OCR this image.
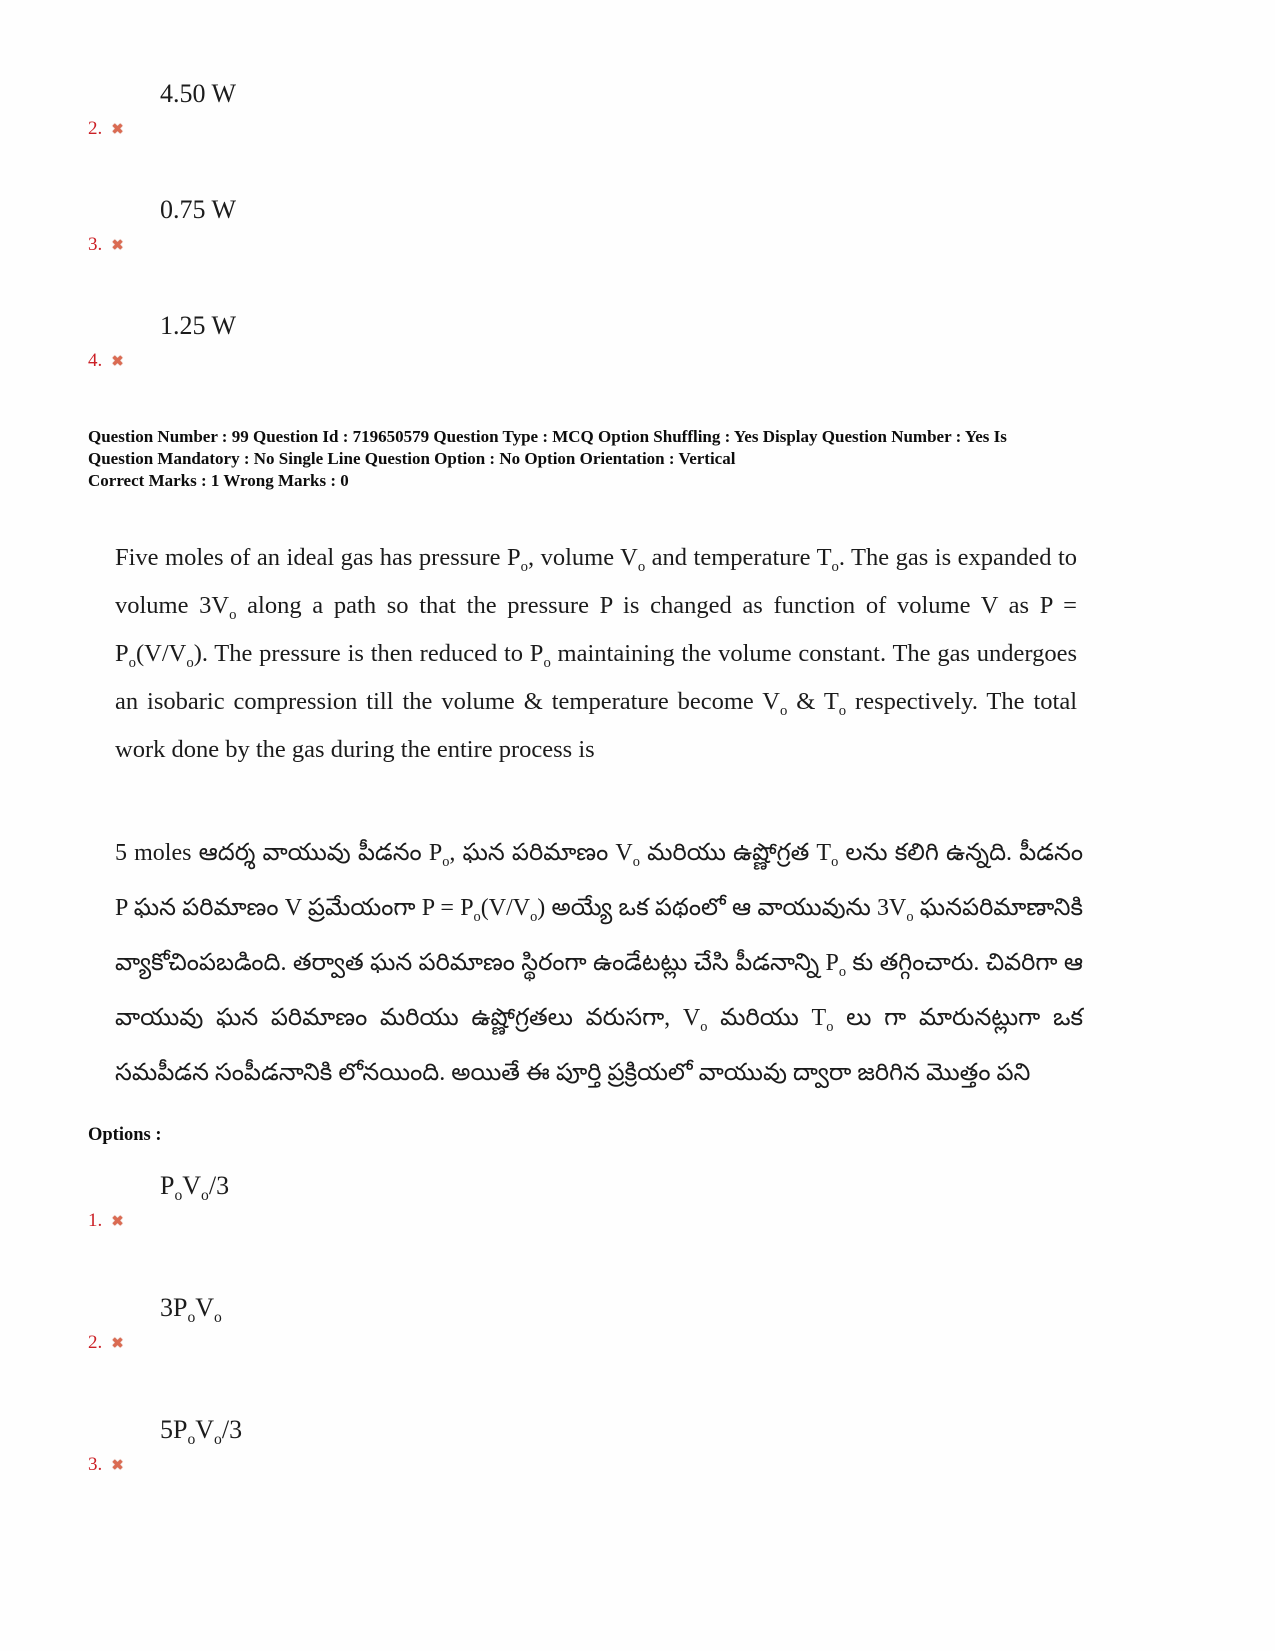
4.50 W
2. ✖
0.75 W
3. ✖
1.25 W
4. ✖
Question Number : 99 Question Id : 719650579 Question Type : MCQ Option Shuffling : Yes Display Question Number : Yes Is
Question Mandatory : No Single Line Question Option : No Option Orientation : Vertical
Correct Marks : 1 Wrong Marks : 0

Five moles of an ideal gas has pressure $P_o$, volume $V_o$ and temperature $T_o$. The gas is expanded to volume $3V_o$ along a path so that the pressure P is changed as function of volume V as $P = P_o(V/V_o)$. The pressure is then reduced to $P_o$ maintaining the volume constant. The gas undergoes an isobaric compression till the volume & temperature become $V_o$ & $T_o$ respectively. The total work done by the gas during the entire process is

5 moles ఆదర్శ వాయువు పీడనం $P_o$, ఘన పరిమాణం $V_o$ మరియు ఉష్ణోగ్రత $T_o$ లను కలిగి ఉన్నది. పీడనం P ఘన పరిమాణం V ప్రమేయంగా $P = P_o(V/V_o)$ అయ్యే ఒక పథంలో ఆ వాయువును $3V_o$ ఘనపరిమాణానికి వ్యాకోచింపబడింది. తర్వాత ఘన పరిమాణం స్థిరంగా ఉండేటట్లు చేసి పీడనాన్ని $P_o$ కు తగ్గించారు. చివరిగా ఆ వాయువు ఘన పరిమాణం మరియు ఉష్ణోగ్రతలు వరుసగా, $V_o$ మరియు $T_o$ లు గా మారునట్లుగా ఒక సమపీడన సంపీడనానికి లోనయింది. అయితే ఈ పూర్తి ప్రక్రియలో వాయువు ద్వారా జరిగిన మొత్తం పని

Options :
$P_oV_o/3$
1. ✖
$3P_oV_o$
2. ✖
$5P_oV_o/3$
3. ✖
